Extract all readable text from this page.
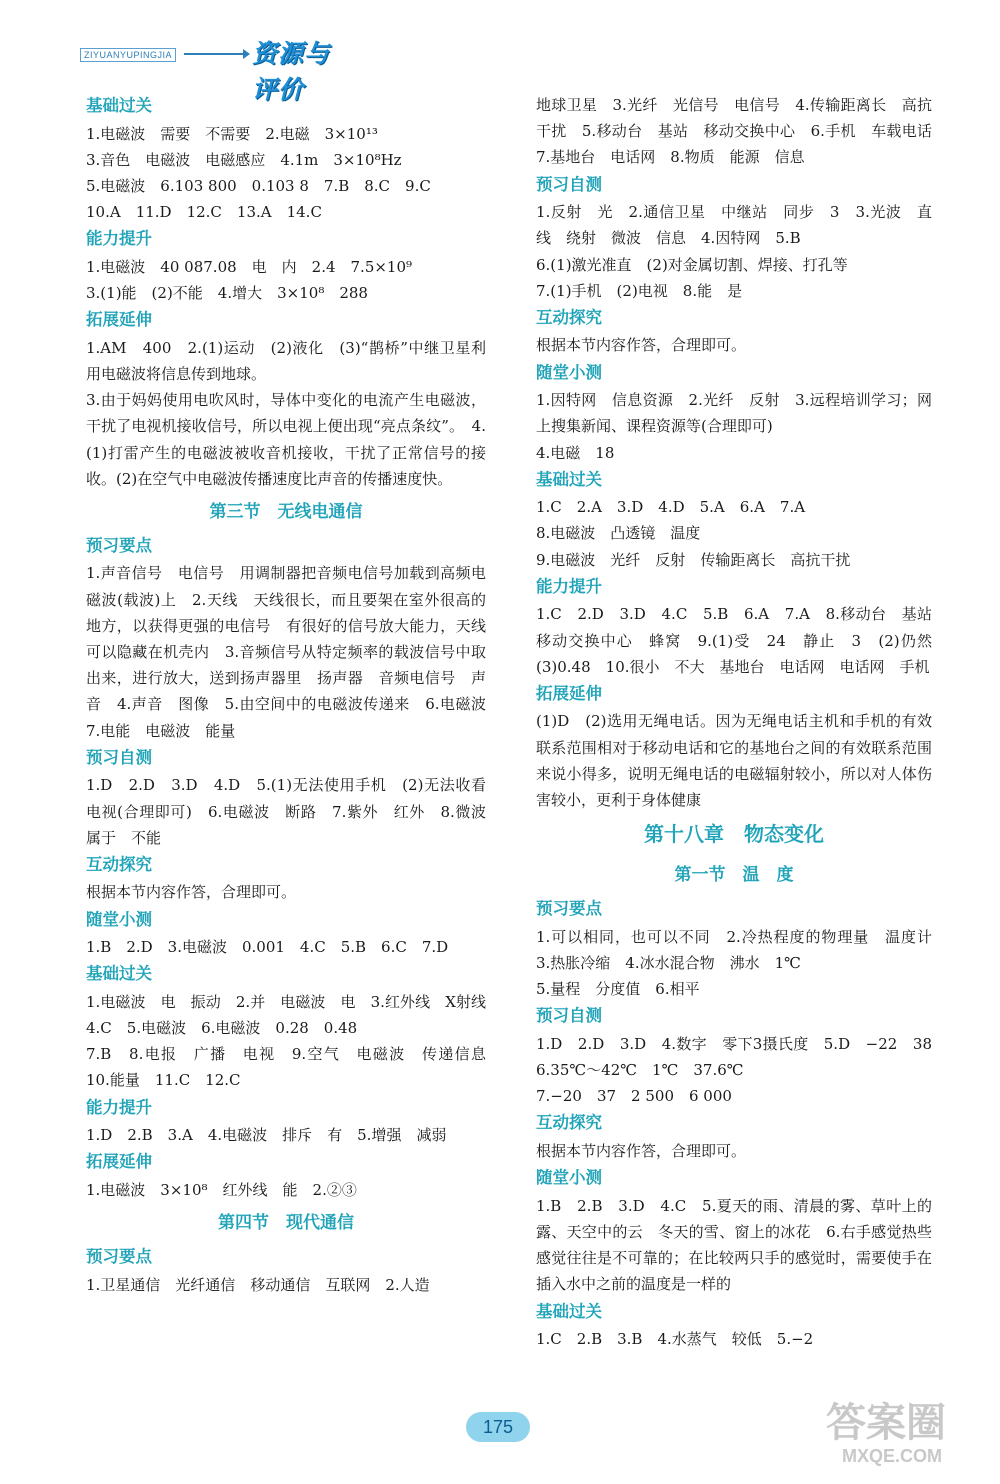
ZIYUANYUPINGJIA	资源与评价
基础过关
1.电磁波　需要　不需要　2.电磁　3×10¹³
3.音色　电磁波　电磁感应　4.1m　3×10⁸Hz
5.电磁波　6.103 800　0.103 8　7.B　8.C　9.C
10.A　11.D　12.C　13.A　14.C
能力提升
1.电磁波　40 087.08　电　内　2.4　7.5×10⁹
3.(1)能　(2)不能　4.增大　3×10⁸　288
拓展延伸
1.AM　400　2.(1)运动　(2)液化　(3)“鹊桥”中继卫星利用电磁波将信息传到地球。
3.由于妈妈使用电吹风时，导体中变化的电流产生电磁波，干扰了电视机接收信号，所以电视上便出现“亮点条纹”。　4.(1)打雷产生的电磁波被收音机接收，干扰了正常信号的接收。(2)在空气中电磁波传播速度比声音的传播速度快。
第三节　无线电通信
预习要点
1.声音信号　电信号　用调制器把音频电信号加载到高频电磁波(载波)上　2.天线　天线很长，而且要架在室外很高的地方，以获得更强的电信号　有很好的信号放大能力，天线可以隐藏在机壳内　3.音频信号从特定频率的载波信号中取出来，进行放大，送到扬声器里　扬声器　音频电信号　声音　4.声音　图像　5.由空间中的电磁波传递来　6.电磁波　7.电能　电磁波　能量
预习自测
1.D　2.D　3.D　4.D　5.(1)无法使用手机　(2)无法收看电视(合理即可)　6.电磁波　断路　7.紫外　红外　8.微波　属于　不能
互动探究
根据本节内容作答，合理即可。
随堂小测
1.B　2.D　3.电磁波　0.001　4.C　5.B　6.C　7.D
基础过关
1.电磁波　电　振动　2.并　电磁波　电　3.红外线　X射线　4.C　5.电磁波　6.电磁波　0.28　0.48
7.B　8.电报　广播　电视　9.空气　电磁波　传递信息　10.能量　11.C　12.C
能力提升
1.D　2.B　3.A　4.电磁波　排斥　有　5.增强　减弱
拓展延伸
1.电磁波　3×10⁸　红外线　能　2.②③
第四节　现代通信
预习要点
1.卫星通信　光纤通信　移动通信　互联网　2.人造
地球卫星　3.光纤　光信号　电信号　4.传输距离长　高抗干扰　5.移动台　基站　移动交换中心　6.手机　车载电话　7.基地台　电话网　8.物质　能源　信息
预习自测
1.反射　光　2.通信卫星　中继站　同步　3　3.光波　直线　绕射　微波　信息　4.因特网　5.B
6.(1)激光准直　(2)对金属切割、焊接、打孔等
7.(1)手机　(2)电视　8.能　是
互动探究
根据本节内容作答，合理即可。
随堂小测
1.因特网　信息资源　2.光纤　反射　3.远程培训学习；网上搜集新闻、课程资源等(合理即可)
4.电磁　18
基础过关
1.C　2.A　3.D　4.D　5.A　6.A　7.A
8.电磁波　凸透镜　温度
9.电磁波　光纤　反射　传输距离长　高抗干扰
能力提升
1.C　2.D　3.D　4.C　5.B　6.A　7.A　8.移动台　基站　移动交换中心　蜂窝　9.(1)受　24　静止　3　(2)仍然　(3)0.48　10.很小　不大　基地台　电话网　电话网　手机
拓展延伸
(1)D　(2)选用无绳电话。因为无绳电话主机和手机的有效联系范围相对于移动电话和它的基地台之间的有效联系范围来说小得多，说明无绳电话的电磁辐射较小，所以对人体伤害较小，更利于身体健康
第十八章　物态变化
第一节　温　度
预习要点
1.可以相同，也可以不同　2.冷热程度的物理量　温度计　3.热胀冷缩　4.冰水混合物　沸水　1℃
5.量程　分度值　6.相平
预习自测
1.D　2.D　3.D　4.数字　零下3摄氏度　5.D　−22　38　6.35℃～42℃　1℃　37.6℃
7.−20　37　2 500　6 000
互动探究
根据本节内容作答，合理即可。
随堂小测
1.B　2.B　3.D　4.C　5.夏天的雨、清晨的雾、草叶上的露、天空中的云　冬天的雪、窗上的冰花　6.右手感觉热些　感觉往往是不可靠的；在比较两只手的感觉时，需要使手在插入水中之前的温度是一样的
基础过关
1.C　2.B　3.B　4.水蒸气　较低　5.−2
175	答案圈
MXQE.COM
